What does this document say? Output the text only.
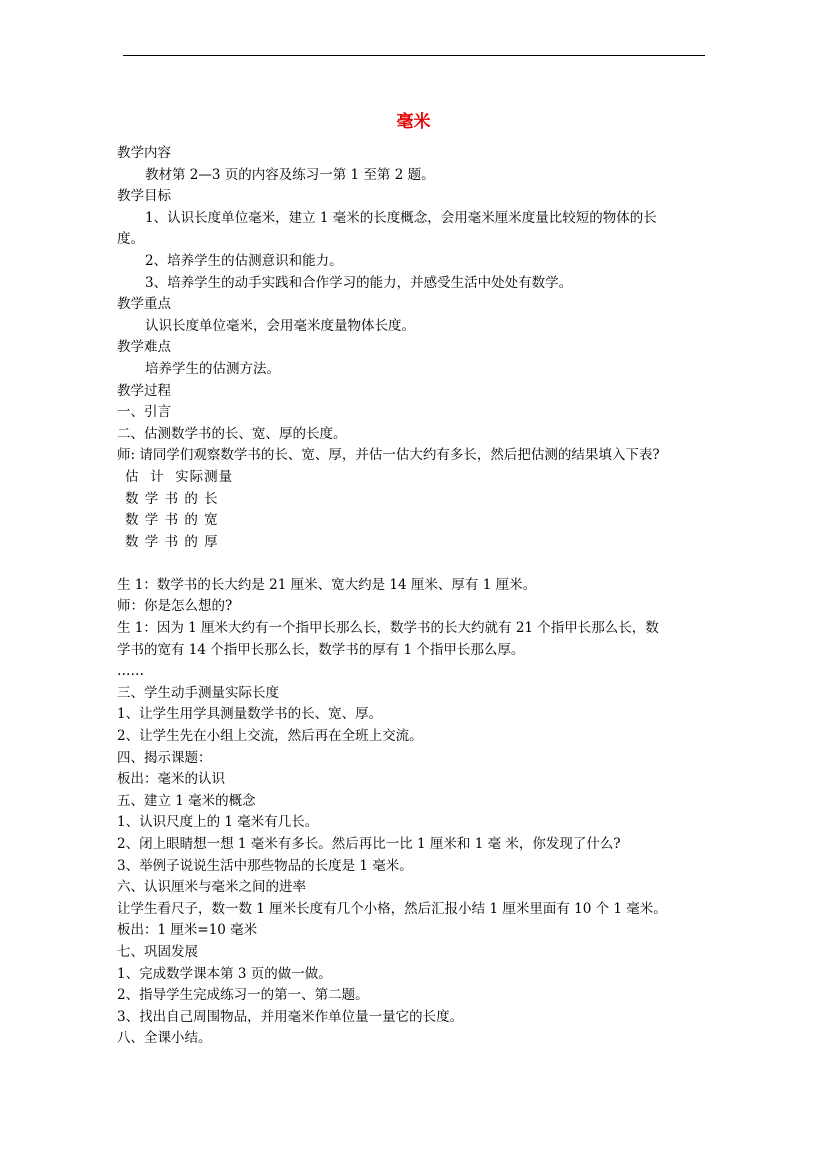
毫米
教学内容
教材第 2—3 页的内容及练习一第 1 至第 2 题。
教学目标
1、认识长度单位毫米，建立 1 毫米的长度概念，会用毫米厘米度量比较短的物体的长
度。
2、培养学生的估测意识和能力。
3、培养学生的动手实践和合作学习的能力，并感受生活中处处有数学。
教学重点
认识长度单位毫米，会用毫米度量物体长度。
教学难点
培养学生的估测方法。
教学过程
一、引言
二、估测数学书的长、宽、厚的长度。
师: 请同学们观察数学书的长、宽、厚，并估一估大约有多长，然后把估测的结果填入下表?
估  计  实际测量
数 学 书 的 长
数 学 书 的 宽
数 学 书 的 厚
生 1：数学书的长大约是 21 厘米、宽大约是 14 厘米、厚有 1 厘米。
师：你是怎么想的?
生 1：因为 1 厘米大约有一个指甲长那么长，数学书的长大约就有 21 个指甲长那么长，数
学书的宽有 14 个指甲长那么长，数学书的厚有 1 个指甲长那么厚。
……
三、学生动手测量实际长度
1、让学生用学具测量数学书的长、宽、厚。
2、让学生先在小组上交流，然后再在全班上交流。
四、揭示课题：
板出：毫米的认识
五、建立 1 毫米的概念
1、认识尺度上的 1 毫米有几长。
2、闭上眼睛想一想 1 毫米有多长。然后再比一比 1 厘米和 1 毫 米，你发现了什么?
3、举例子说说生活中那些物品的长度是 1 毫米。
六、认识厘米与毫米之间的进率
让学生看尺子，数一数 1 厘米长度有几个小格，然后汇报小结 1 厘米里面有 10 个 1 毫米。
板出：1 厘米=10 毫米
七、巩固发展
1、完成数学课本第 3 页的做一做。
2、指导学生完成练习一的第一、第二题。
3、找出自己周围物品，并用毫米作单位量一量它的长度。
八、全课小结。
